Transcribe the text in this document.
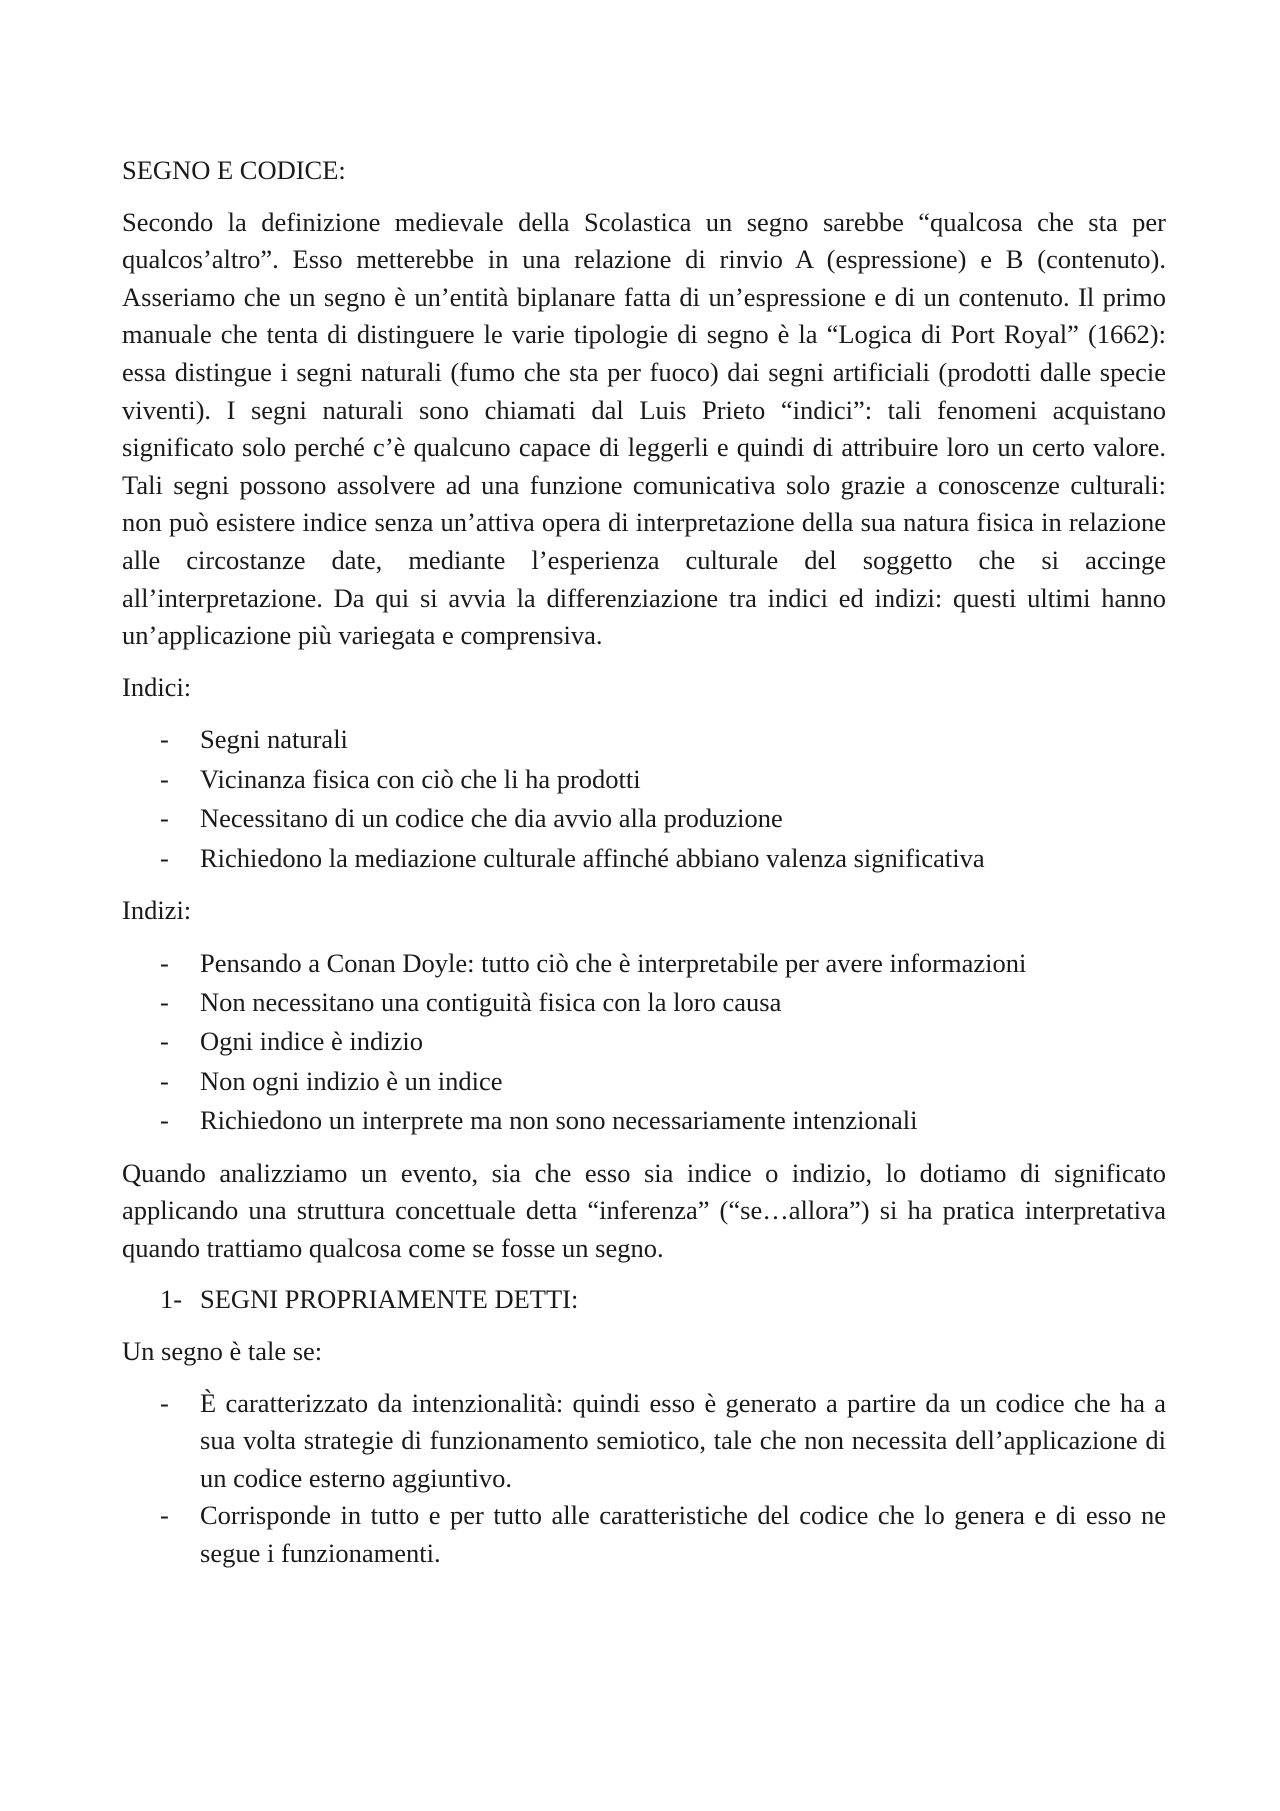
SEGNO E CODICE:

Secondo la definizione medievale della Scolastica un segno sarebbe “qualcosa che sta per qualcos’altro”. Esso metterebbe in una relazione di rinvio A (espressione) e B (contenuto). Asseriamo che un segno è un’entità biplanare fatta di un’espressione e di un contenuto. Il primo manuale che tenta di distinguere le varie tipologie di segno è la “Logica di Port Royal” (1662): essa distingue i segni naturali (fumo che sta per fuoco) dai segni artificiali (prodotti dalle specie viventi). I segni naturali sono chiamati dal Luis Prieto “indici”: tali fenomeni acquistano significato solo perché c’è qualcuno capace di leggerli e quindi di attribuire loro un certo valore. Tali segni possono assolvere ad una funzione comunicativa solo grazie a conoscenze culturali: non può esistere indice senza un’attiva opera di interpretazione della sua natura fisica in relazione alle circostanze date, mediante l’esperienza culturale del soggetto che si accinge all’interpretazione. Da qui si avvia la differenziazione tra indici ed indizi: questi ultimi hanno un’applicazione più variegata e comprensiva.

Indici:

- Segni naturali
- Vicinanza fisica con ciò che li ha prodotti
- Necessitano di un codice che dia avvio alla produzione
- Richiedono la mediazione culturale affinché abbiano valenza significativa

Indizi:

- Pensando a Conan Doyle: tutto ciò che è interpretabile per avere informazioni
- Non necessitano una contiguità fisica con la loro causa
- Ogni indice è indizio
- Non ogni indizio è un indice
- Richiedono un interprete ma non sono necessariamente intenzionali

Quando analizziamo un evento, sia che esso sia indice o indizio, lo dotiamo di significato applicando una struttura concettuale detta “inferenza” (“se…allora”) si ha pratica interpretativa quando trattiamo qualcosa come se fosse un segno.

1- SEGNI PROPRIAMENTE DETTI:

Un segno è tale se:

- È caratterizzato da intenzionalità: quindi esso è generato a partire da un codice che ha a sua volta strategie di funzionamento semiotico, tale che non necessita dell’applicazione di un codice esterno aggiuntivo.
- Corrisponde in tutto e per tutto alle caratteristiche del codice che lo genera e di esso ne segue i funzionamenti.
